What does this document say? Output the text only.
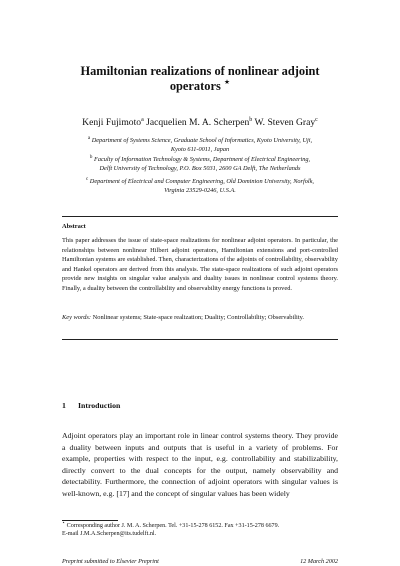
Hamiltonian realizations of nonlinear adjoint
operators ⋆
Kenji Fujimoto$^a$ Jacquelien M. A. Scherpen$^b$ W. Steven Gray$^c$
$^a$ Department of Systems Science, Graduate School of Informatics, Kyoto University, Uji,
Kyoto 611-0011, Japan
$^b$ Faculty of Information Technology & Systems, Department of Electrical Engineering,
Delft University of Technology, P.O. Box 5031, 2600 GA Delft, The Netherlands
$^c$ Department of Electrical and Computer Engineering, Old Dominion University, Norfolk,
Virginia 23529-0246, U.S.A.
Abstract
This paper addresses the issue of state-space realizations for nonlinear adjoint operators. In particular, the relationships between nonlinear Hilbert adjoint operators, Hamiltonian extensions and port-controlled Hamiltonian systems are established. Then, characterizations of the adjoints of controllability, observability and Hankel operators are derived from this analysis. The state-space realizations of such adjoint operators provide new insights on singular value analysis and duality issues in nonlinear control systems theory. Finally, a duality between the controllability and observability energy functions is proved.
Key words: Nonlinear systems; State-space realization; Duality; Controllability; Observability.
1 Introduction
Adjoint operators play an important role in linear control systems theory. They provide a duality between inputs and outputs that is useful in a variety of problems. For example, properties with respect to the input, e.g. controllability and stabilizability, directly convert to the dual concepts for the output, namely observability and detectability. Furthermore, the connection of adjoint operators with singular values is well-known, e.g. [17] and the concept of singular values has been widely
⋆ Corresponding author J. M. A. Scherpen. Tel. +31-15-278 6152. Fax +31-15-278 6679.
E-mail J.M.A.Scherpen@its.tudelft.nl.
Preprint submitted to Elsevier Preprint	12 March 2002
